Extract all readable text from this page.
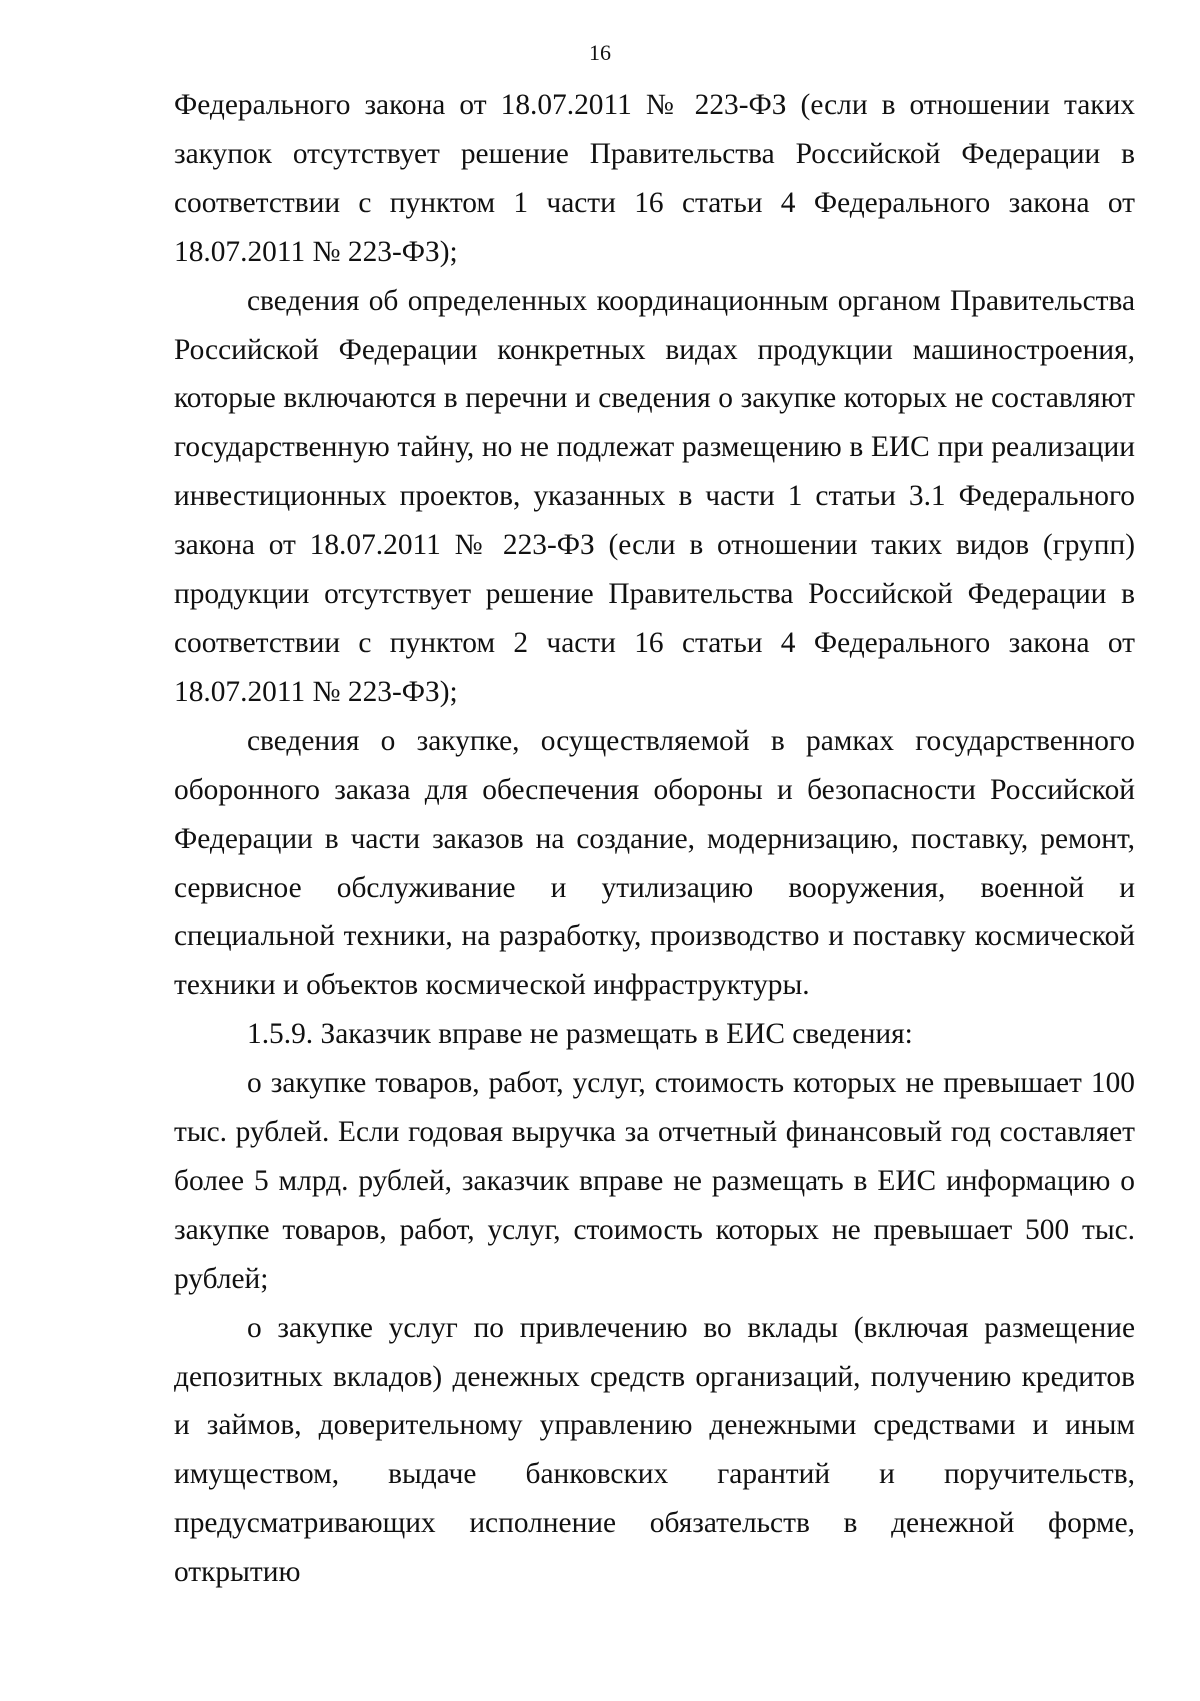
16

Федерального закона от 18.07.2011 № 223-ФЗ (если в отношении таких закупок отсутствует решение Правительства Российской Федерации в соответствии с пунктом 1 части 16 статьи 4 Федерального закона от 18.07.2011 № 223-ФЗ);

сведения об определенных координационным органом Правительства Российской Федерации конкретных видах продукции машиностроения, которые включаются в перечни и сведения о закупке которых не составляют государственную тайну, но не подлежат размещению в ЕИС при реализации инвестиционных проектов, указанных в части 1 статьи 3.1 Федерального закона от 18.07.2011 № 223-ФЗ (если в отношении таких видов (групп) продукции отсутствует решение Правительства Российской Федерации в соответствии с пунктом 2 части 16 статьи 4 Федерального закона от 18.07.2011 № 223-ФЗ);

сведения о закупке, осуществляемой в рамках государственного оборонного заказа для обеспечения обороны и безопасности Российской Федерации в части заказов на создание, модернизацию, поставку, ремонт, сервисное обслуживание и утилизацию вооружения, военной и специальной техники, на разработку, производство и поставку космической техники и объектов космической инфраструктуры.

1.5.9. Заказчик вправе не размещать в ЕИС сведения:

о закупке товаров, работ, услуг, стоимость которых не превышает 100 тыс. рублей. Если годовая выручка за отчетный финансовый год составляет более 5 млрд. рублей, заказчик вправе не размещать в ЕИС информацию о закупке товаров, работ, услуг, стоимость которых не превышает 500 тыс. рублей;

о закупке услуг по привлечению во вклады (включая размещение депозитных вкладов) денежных средств организаций, получению кредитов и займов, доверительному управлению денежными средствами и иным имуществом, выдаче банковских гарантий и поручительств, предусматривающих исполнение обязательств в денежной форме, открытию
